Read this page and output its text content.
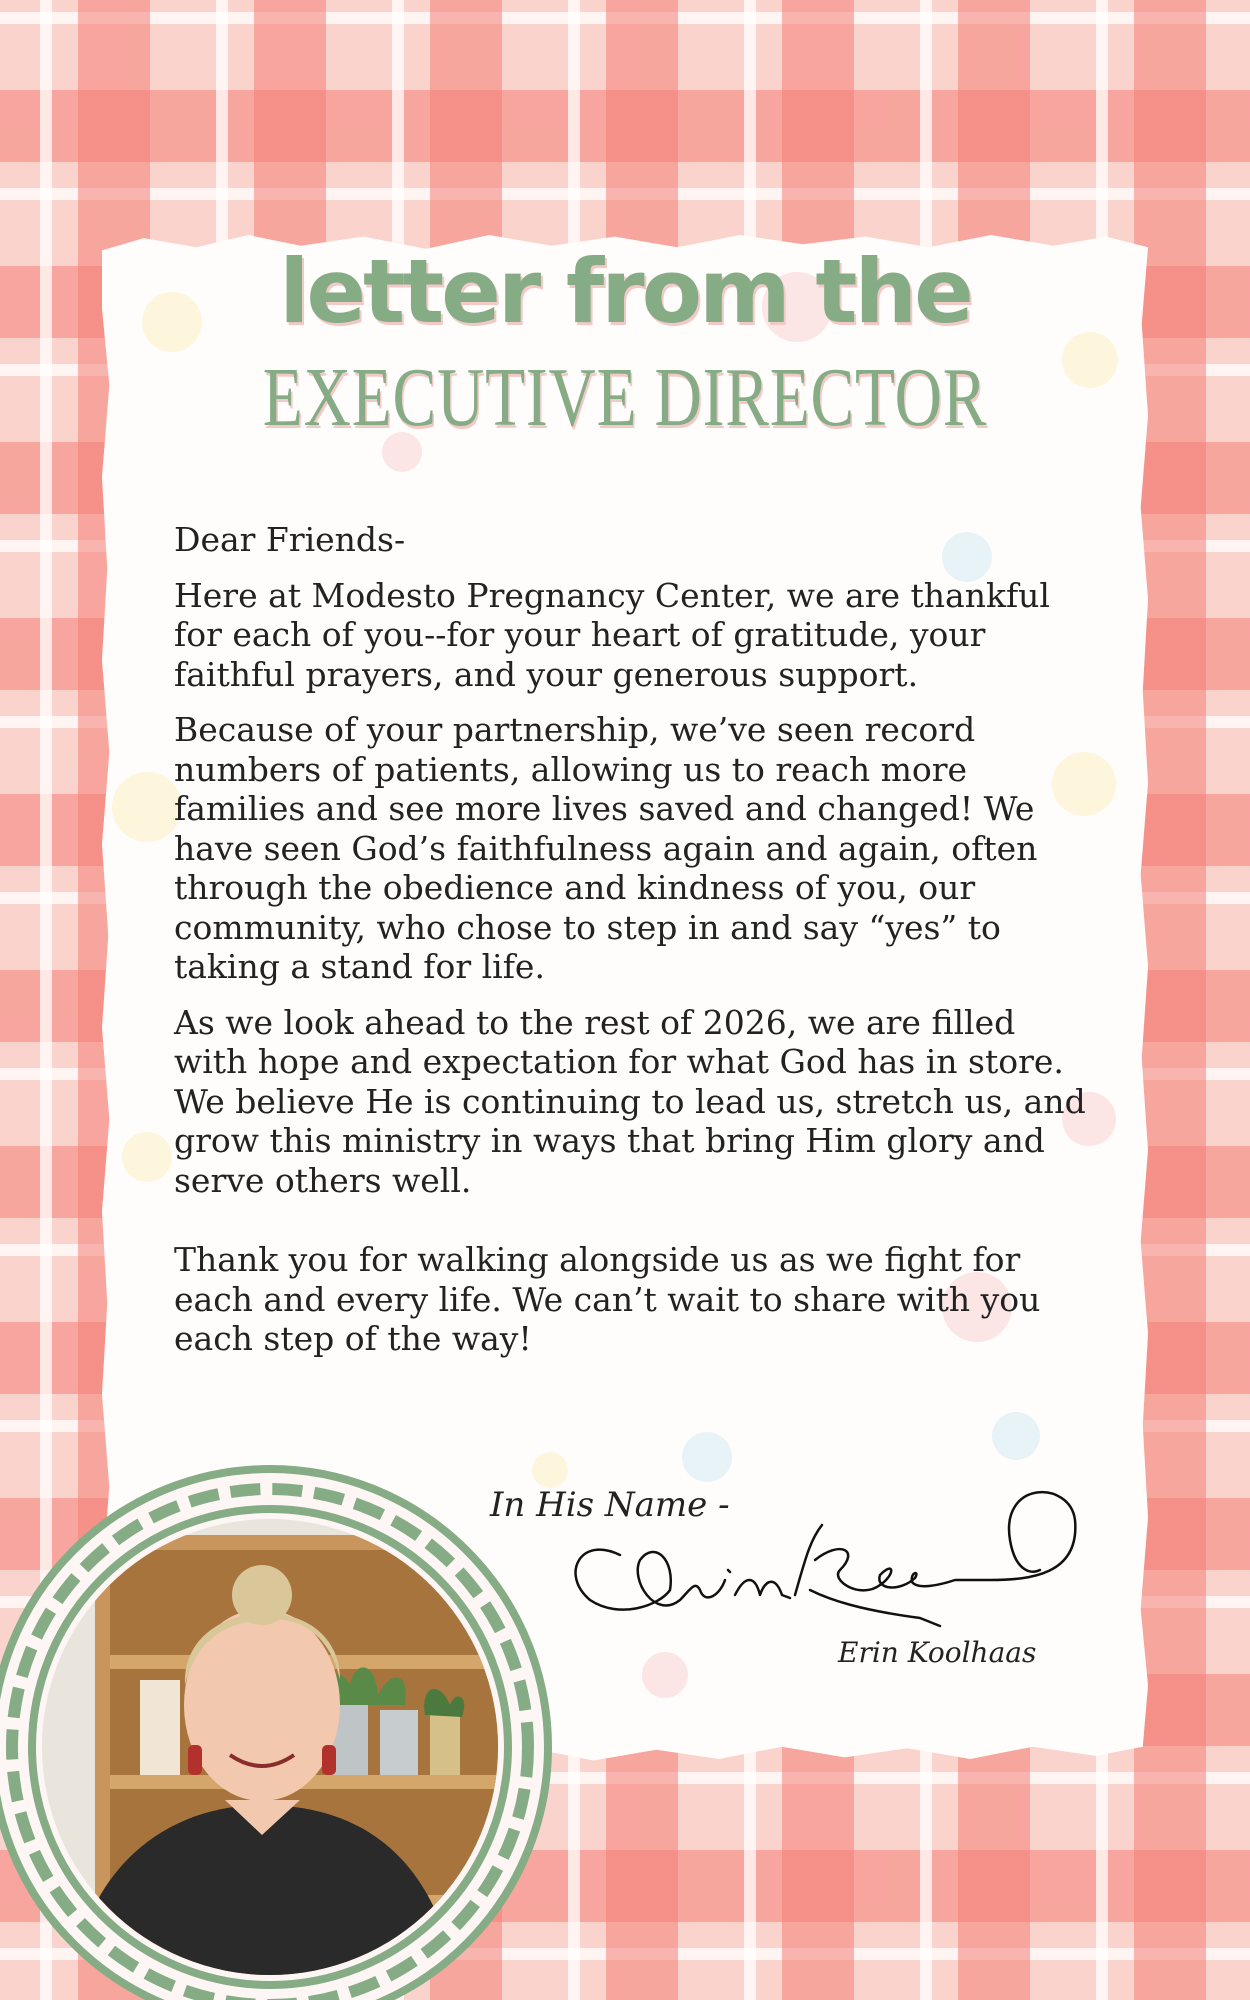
letter from the
EXECUTIVE DIRECTOR

Dear Friends-

Here at Modesto Pregnancy Center, we are thankful for each of you--for your heart of gratitude, your faithful prayers, and your generous support.

Because of your partnership, we’ve seen record numbers of patients, allowing us to reach more families and see more lives saved and changed! We have seen God’s faithfulness again and again, often through the obedience and kindness of you, our community, who chose to step in and say “yes” to taking a stand for life.

As we look ahead to the rest of 2026, we are filled with hope and expectation for what God has in store. We believe He is continuing to lead us, stretch us, and grow this ministry in ways that bring Him glory and serve others well.

Thank you for walking alongside us as we fight for each and every life. We can’t wait to share with you each step of the way!

In His Name -
Erin Koolhaas
